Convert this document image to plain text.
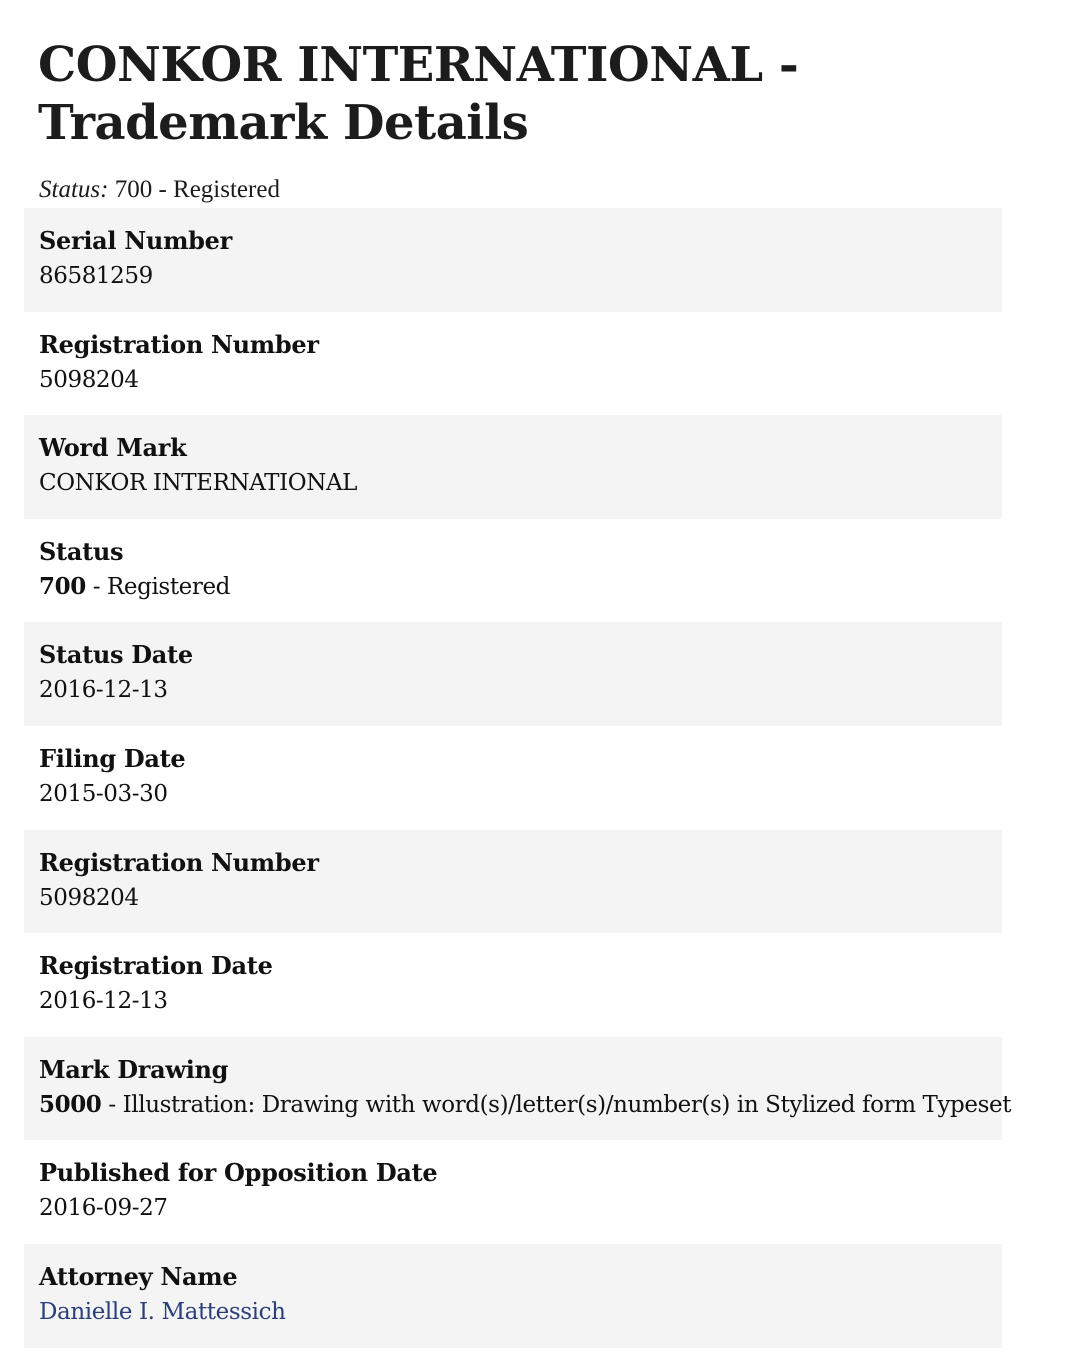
CONKOR INTERNATIONAL - Trademark Details
Status: 700 - Registered
Serial Number
86581259
Registration Number
5098204
Word Mark
CONKOR INTERNATIONAL
Status
700 - Registered
Status Date
2016-12-13
Filing Date
2015-03-30
Registration Number
5098204
Registration Date
2016-12-13
Mark Drawing
5000 - Illustration: Drawing with word(s)/letter(s)/number(s) in Stylized form Typeset
Published for Opposition Date
2016-09-27
Attorney Name
Danielle I. Mattessich
